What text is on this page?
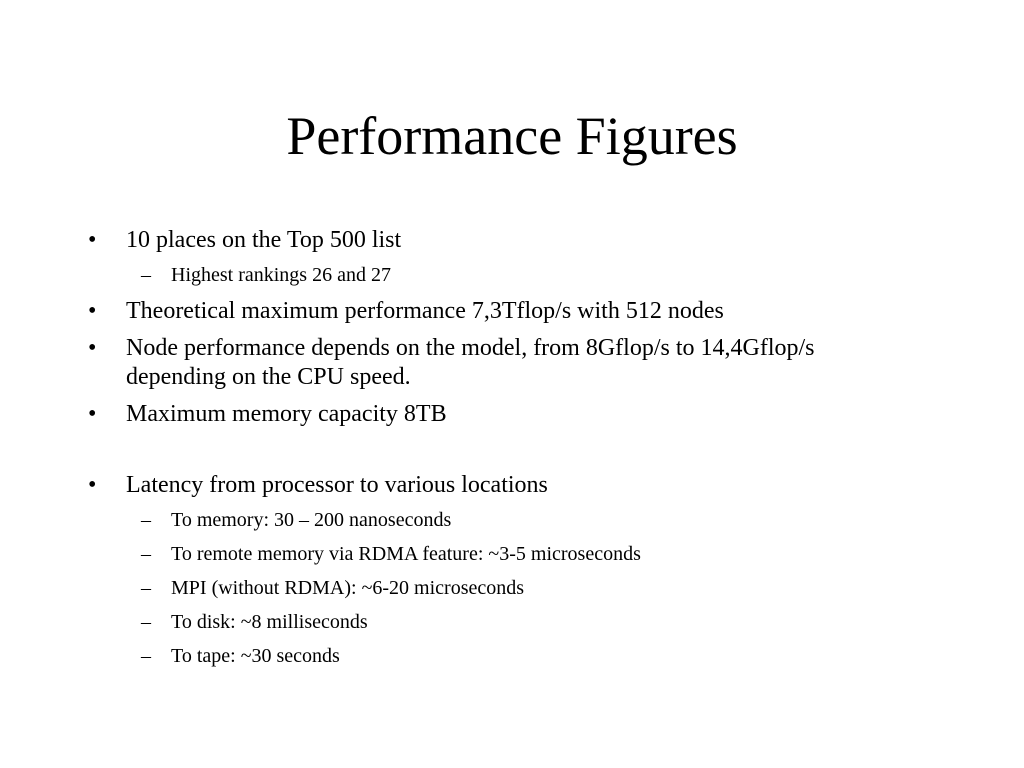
Performance Figures
• 10 places on the Top 500 list
– Highest rankings 26 and 27
• Theoretical maximum performance 7,3Tflop/s with 512 nodes
• Node performance depends on the model, from 8Gflop/s to 14,4Gflop/s depending on the CPU speed.
• Maximum memory capacity 8TB
• Latency from processor to various locations
– To memory: 30 – 200 nanoseconds
– To remote memory via RDMA feature: ~3-5 microseconds
– MPI (without RDMA): ~6-20 microseconds
– To disk: ~8 milliseconds
– To tape: ~30 seconds
